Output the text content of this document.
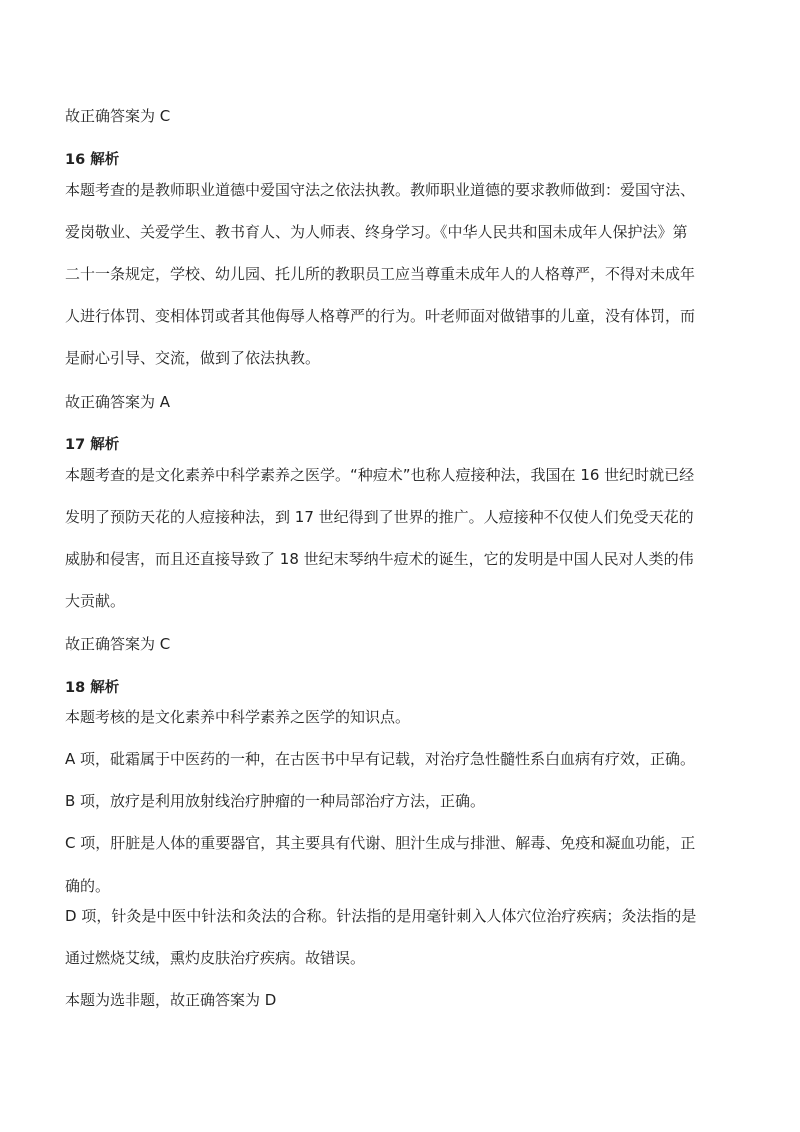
故正确答案为 C
16 解析
本题考查的是教师职业道德中爱国守法之依法执教。教师职业道德的要求教师做到：爱国守法、
爱岗敬业、关爱学生、教书育人、为人师表、终身学习。《中华人民共和国未成年人保护法》第
二十一条规定，学校、幼儿园、托儿所的教职员工应当尊重未成年人的人格尊严，不得对未成年
人进行体罚、变相体罚或者其他侮辱人格尊严的行为。叶老师面对做错事的儿童，没有体罚，而
是耐心引导、交流，做到了依法执教。
故正确答案为 A
17 解析
本题考查的是文化素养中科学素养之医学。“种痘术”也称人痘接种法，我国在 16 世纪时就已经
发明了预防天花的人痘接种法，到 17 世纪得到了世界的推广。人痘接种不仅使人们免受天花的
威胁和侵害，而且还直接导致了 18 世纪末琴纳牛痘术的诞生，它的发明是中国人民对人类的伟
大贡献。
故正确答案为 C
18 解析
本题考核的是文化素养中科学素养之医学的知识点。
A 项，砒霜属于中医药的一种，在古医书中早有记载，对治疗急性髓性系白血病有疗效，正确。
B 项，放疗是利用放射线治疗肿瘤的一种局部治疗方法，正确。
C 项，肝脏是人体的重要器官，其主要具有代谢、胆汁生成与排泄、解毒、免疫和凝血功能，正
确的。
D 项，针灸是中医中针法和灸法的合称。针法指的是用毫针刺入人体穴位治疗疾病；灸法指的是
通过燃烧艾绒，熏灼皮肤治疗疾病。故错误。
本题为选非题，故正确答案为 D
